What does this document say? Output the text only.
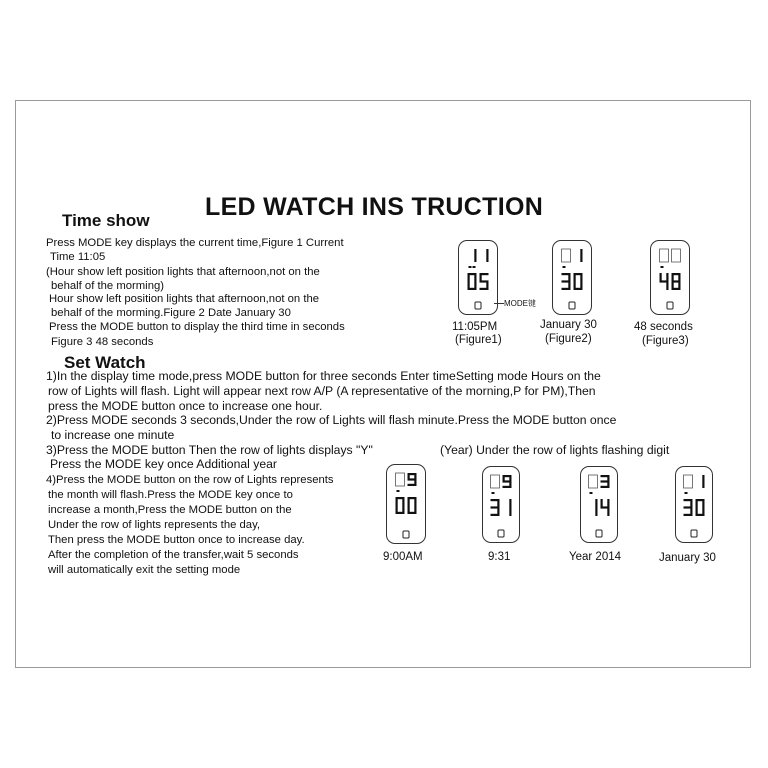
LED WATCH INS TRUCTION
Time show
Press MODE key displays the current time,Figure 1 Current
Time 11:05
(Hour show left position lights that afternoon,not on the
behalf of the morming)
Hour show left position lights that afternoon,not on the
behalf of the morming.Figure 2 Date January 30
Press the MODE button to display the third time in seconds
Figure 3 48 seconds
MODE键
11:05PM
(Figure1)
January 30
(Figure2)
48 seconds
(Figure3)
Set Watch
1)In the display time mode,press MODE button for three seconds Enter timeSetting mode Hours on the
row of Lights will flash. Light will appear next row A/P (A representative of the morning,P for PM),Then
press the MODE button once to increase one hour.
2)Press MODE seconds 3 seconds,Under the row of Lights will flash minute.Press the MODE button once
to increase one minute
3)Press the MODE button Then the row of lights displays "Y"	(Year) Under the row of lights flashing digit
Press the MODE key once Additional year
4)Press the MODE button on the row of Lights represents
the month will flash.Press the MODE key once to
increase a month,Press the MODE button on the
Under the row of lights represents the day,
Then press the MODE button once to increase day.
After the completion of the transfer,wait 5 seconds
will automatically exit the setting mode
9:00AM	9:31	Year 2014	January 30
